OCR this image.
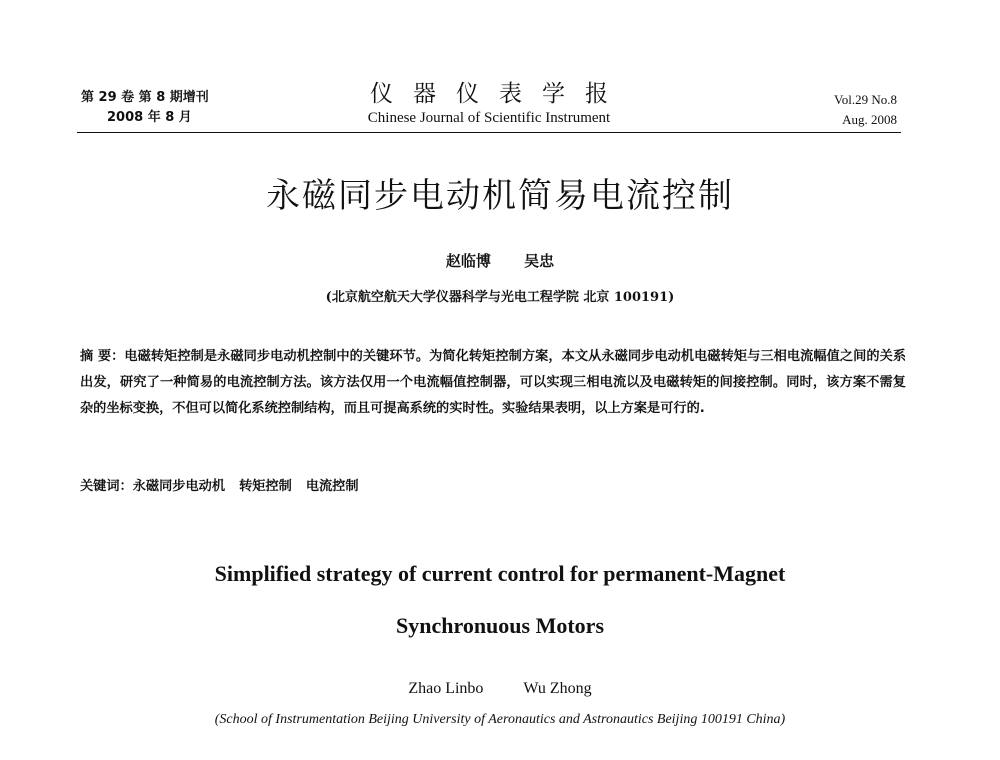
第 29 卷 第 8 期增刊
2008 年 8 月
仪器仪表学报
Chinese Journal of Scientific Instrument
Vol.29 No.8
Aug. 2008
永磁同步电动机简易电流控制
赵临博 吴忠
(北京航空航天大学仪器科学与光电工程学院 北京 100191)
摘 要：电磁转矩控制是永磁同步电动机控制中的关键环节。为简化转矩控制方案，本文从永磁同步电动机电磁转矩与三相电流幅值之间的关系出发，研究了一种简易的电流控制方法。该方法仅用一个电流幅值控制器，可以实现三相电流以及电磁转矩的间接控制。同时，该方案不需复杂的坐标变换，不但可以简化系统控制结构，而且可提高系统的实时性。实验结果表明，以上方案是可行的.
关键词：永磁同步电动机 转矩控制 电流控制
Simplified strategy of current control for permanent-Magnet
Synchronuous Motors
Zhao Linbo	Wu Zhong
(School of Instrumentation Beijing University of Aeronautics and Astronautics Beijing 100191 China)
